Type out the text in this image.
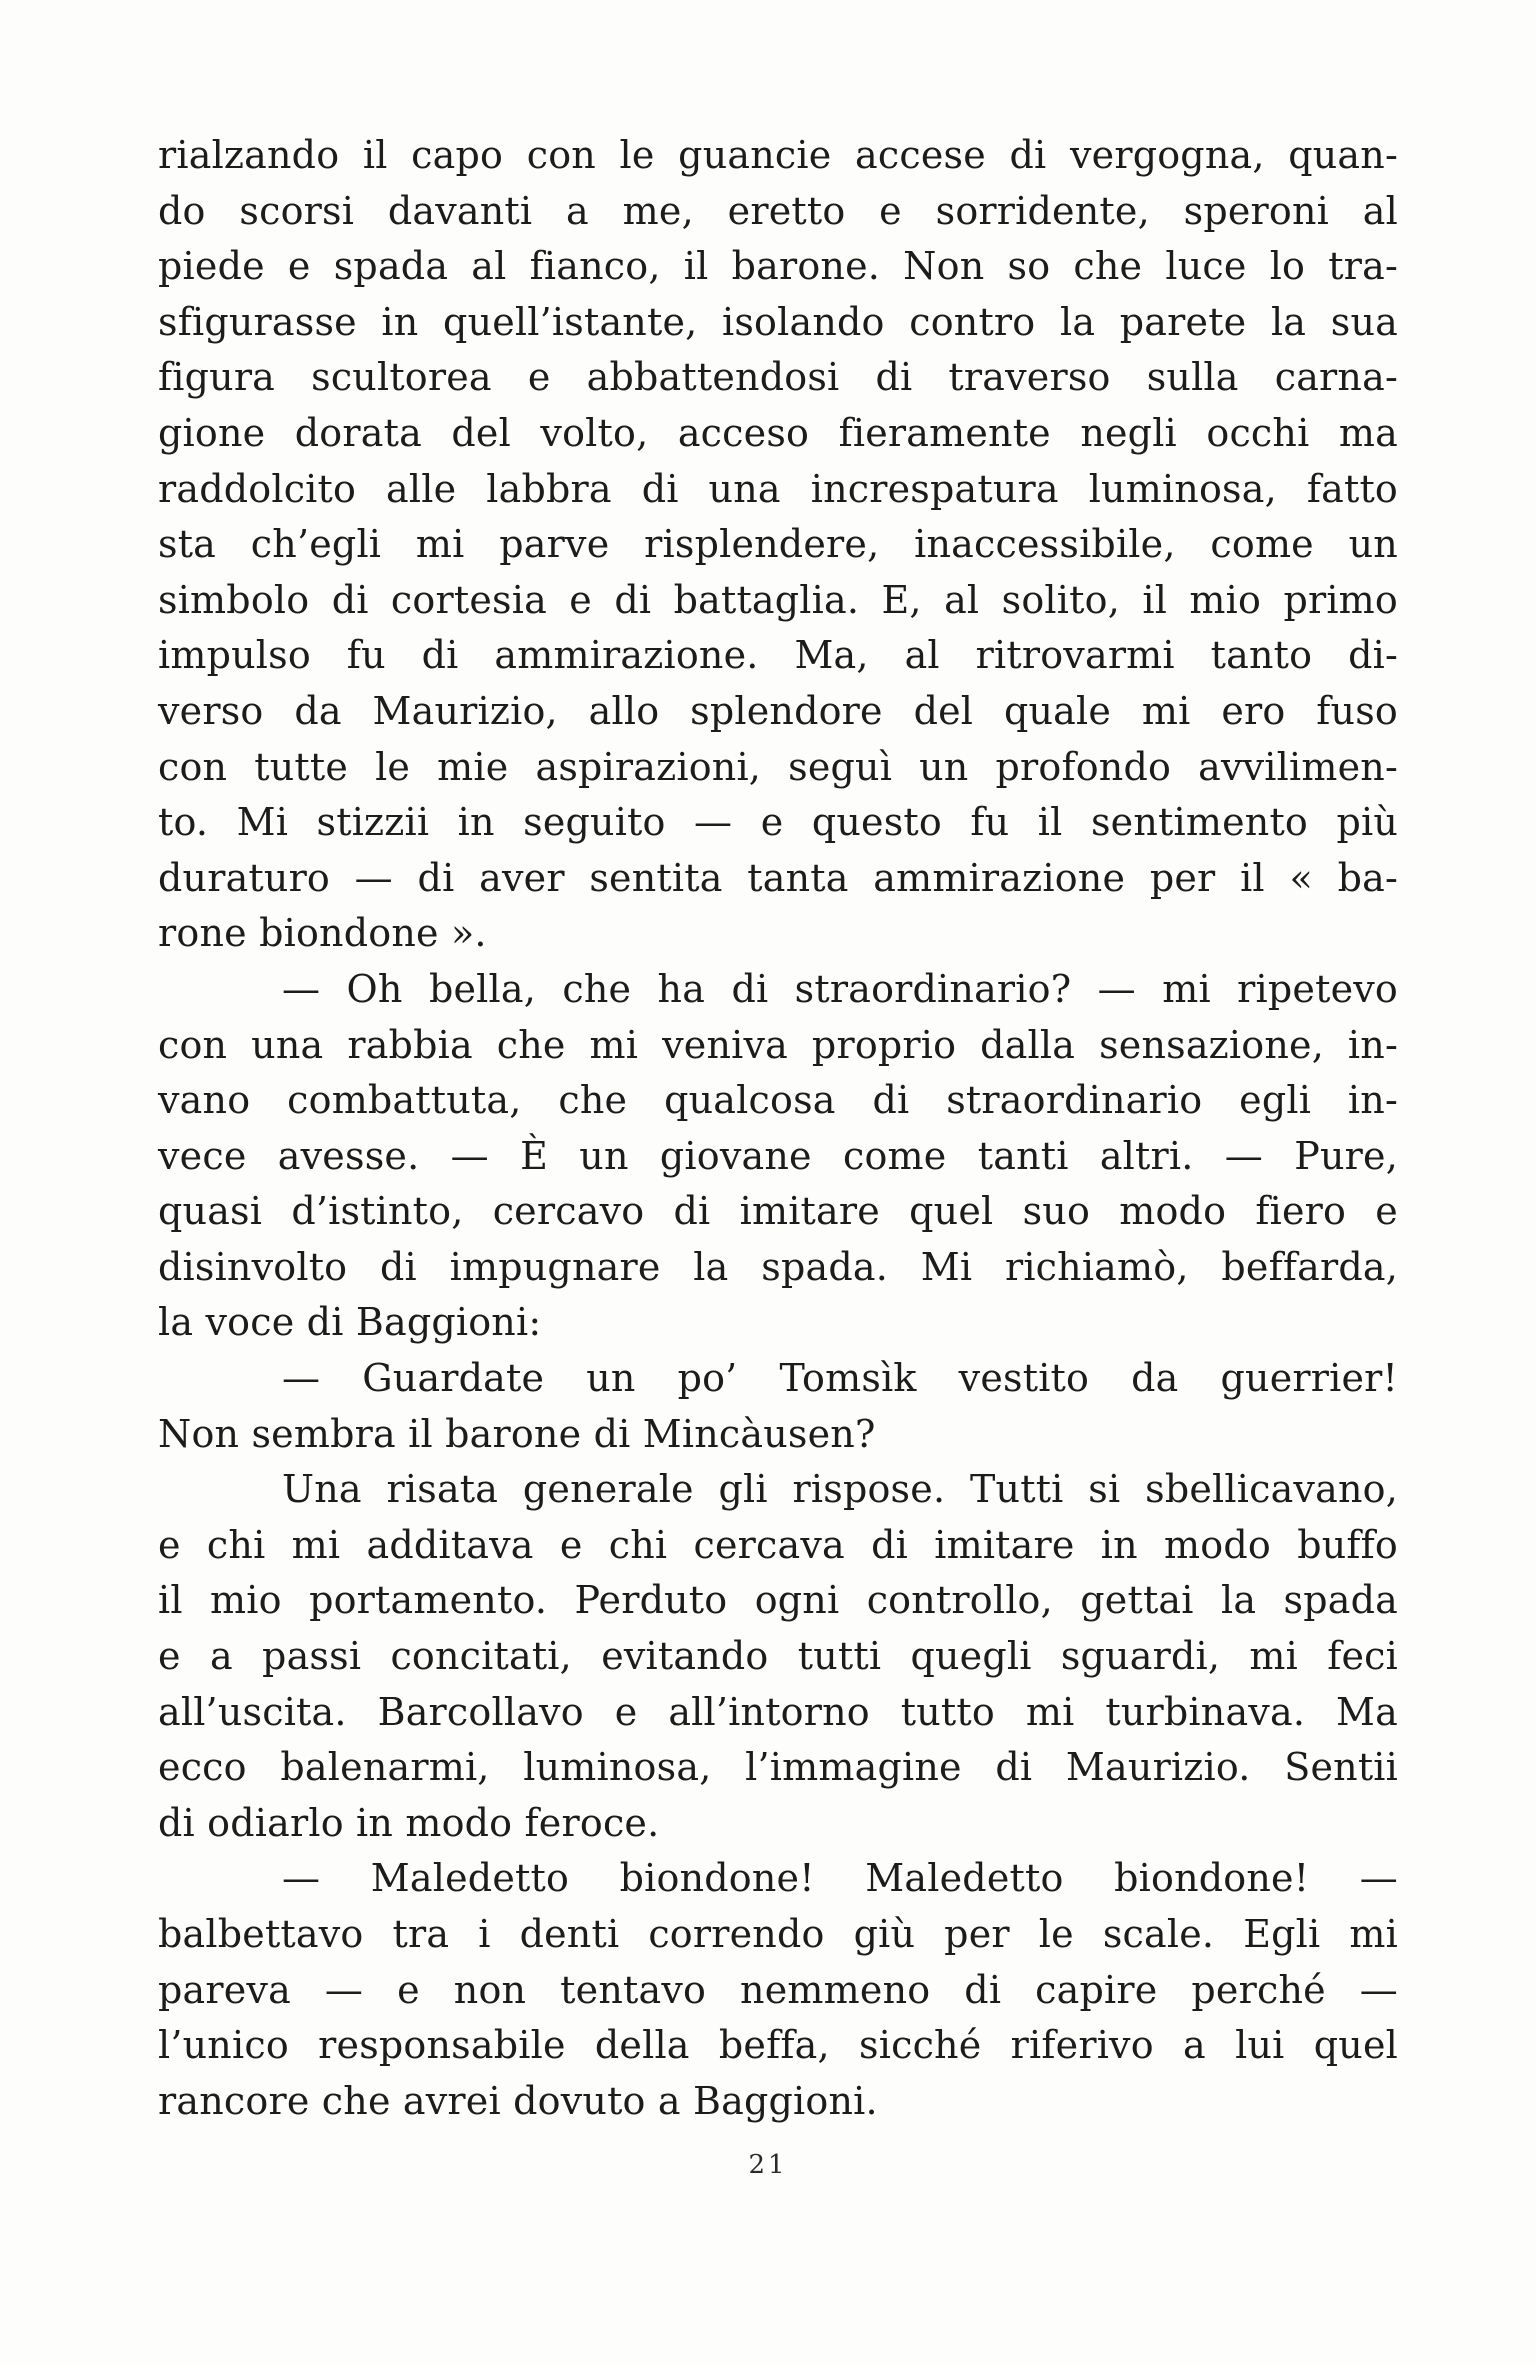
rialzando il capo con le guancie accese di vergogna, quan-
do scorsi davanti a me, eretto e sorridente, speroni al
piede e spada al fianco, il barone. Non so che luce lo tra-
sfigurasse in quell’istante, isolando contro la parete la sua
figura scultorea e abbattendosi di traverso sulla carna-
gione dorata del volto, acceso fieramente negli occhi ma
raddolcito alle labbra di una increspatura luminosa, fatto
sta ch’egli mi parve risplendere, inaccessibile, come un
simbolo di cortesia e di battaglia. E, al solito, il mio primo
impulso fu di ammirazione. Ma, al ritrovarmi tanto di-
verso da Maurizio, allo splendore del quale mi ero fuso
con tutte le mie aspirazioni, seguì un profondo avvilimen-
to. Mi stizzii in seguito — e questo fu il sentimento più
duraturo — di aver sentita tanta ammirazione per il « ba-
rone biondone ».
— Oh bella, che ha di straordinario? — mi ripetevo
con una rabbia che mi veniva proprio dalla sensazione, in-
vano combattuta, che qualcosa di straordinario egli in-
vece avesse. — È un giovane come tanti altri. — Pure,
quasi d’istinto, cercavo di imitare quel suo modo fiero e
disinvolto di impugnare la spada. Mi richiamò, beffarda,
la voce di Baggioni:
— Guardate un po’ Tomsìk vestito da guerrier!
Non sembra il barone di Mincàusen?
Una risata generale gli rispose. Tutti si sbellicavano,
e chi mi additava e chi cercava di imitare in modo buffo
il mio portamento. Perduto ogni controllo, gettai la spada
e a passi concitati, evitando tutti quegli sguardi, mi feci
all’uscita. Barcollavo e all’intorno tutto mi turbinava. Ma
ecco balenarmi, luminosa, l’immagine di Maurizio. Sentii
di odiarlo in modo feroce.
— Maledetto biondone! Maledetto biondone! —
balbettavo tra i denti correndo giù per le scale. Egli mi
pareva — e non tentavo nemmeno di capire perché —
l’unico responsabile della beffa, sicché riferivo a lui quel
rancore che avrei dovuto a Baggioni.
21
